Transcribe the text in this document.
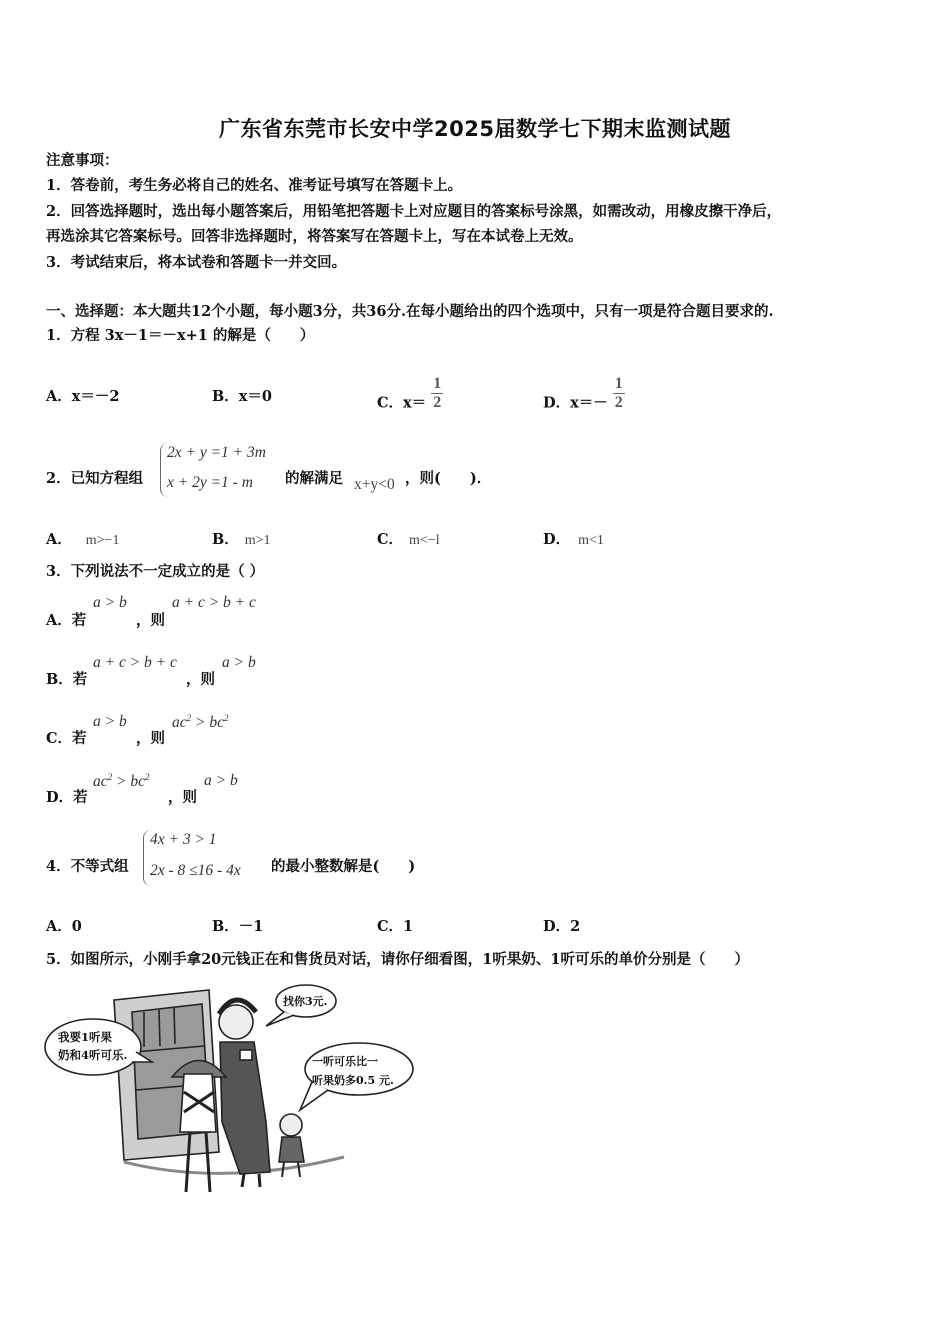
广东省东莞市长安中学2025届数学七下期末监测试题
注意事项：
1．答卷前，考生务必将自己的姓名、准考证号填写在答题卡上。
2．回答选择题时，选出每小题答案后，用铅笔把答题卡上对应题目的答案标号涂黑，如需改动，用橡皮擦干净后，
再选涂其它答案标号。回答非选择题时，将答案写在答题卡上，写在本试卷上无效。
3．考试结束后，将本试卷和答题卡一并交回。
一、选择题：本大题共12个小题，每小题3分，共36分.在每小题给出的四个选项中，只有一项是符合题目要求的.
1．方程 3x－1＝－x+1 的解是（　　）
A．x＝－2	B．x＝0	C．$x= \frac{1}{2}$	D．$x=- \frac{1}{2}$
2．已知方程组
2x + y =1 + 3m
x + 2y =1 - m 的解满足 x+y<0 ，则(　　)．
A． m>−1	B． m>1	C． m<−l	D． m<1
3．下列说法不一定成立的是（ ）
A．若
a > b
，则
a + c > b + c
B．若
a + c > b + c
，则
a > b
C．若
a > b
，则
$ac^2 > bc^2$
D．若
$ac^2 > bc^2$
，则
a > b
4．不等式组
4x + 3 > 1
2x - 8 ≤16 - 4x 的最小整数解是(　　)
A．0	B．－1	C．1	D．2
5．如图所示，小刚手拿20元钱正在和售货员对话，请你仔细看图，1听果奶、1听可乐的单价分别是（　　）
我要1听果
奶和4听可乐.
找你3元.
一听可乐比一
听果奶多0.5 元.
